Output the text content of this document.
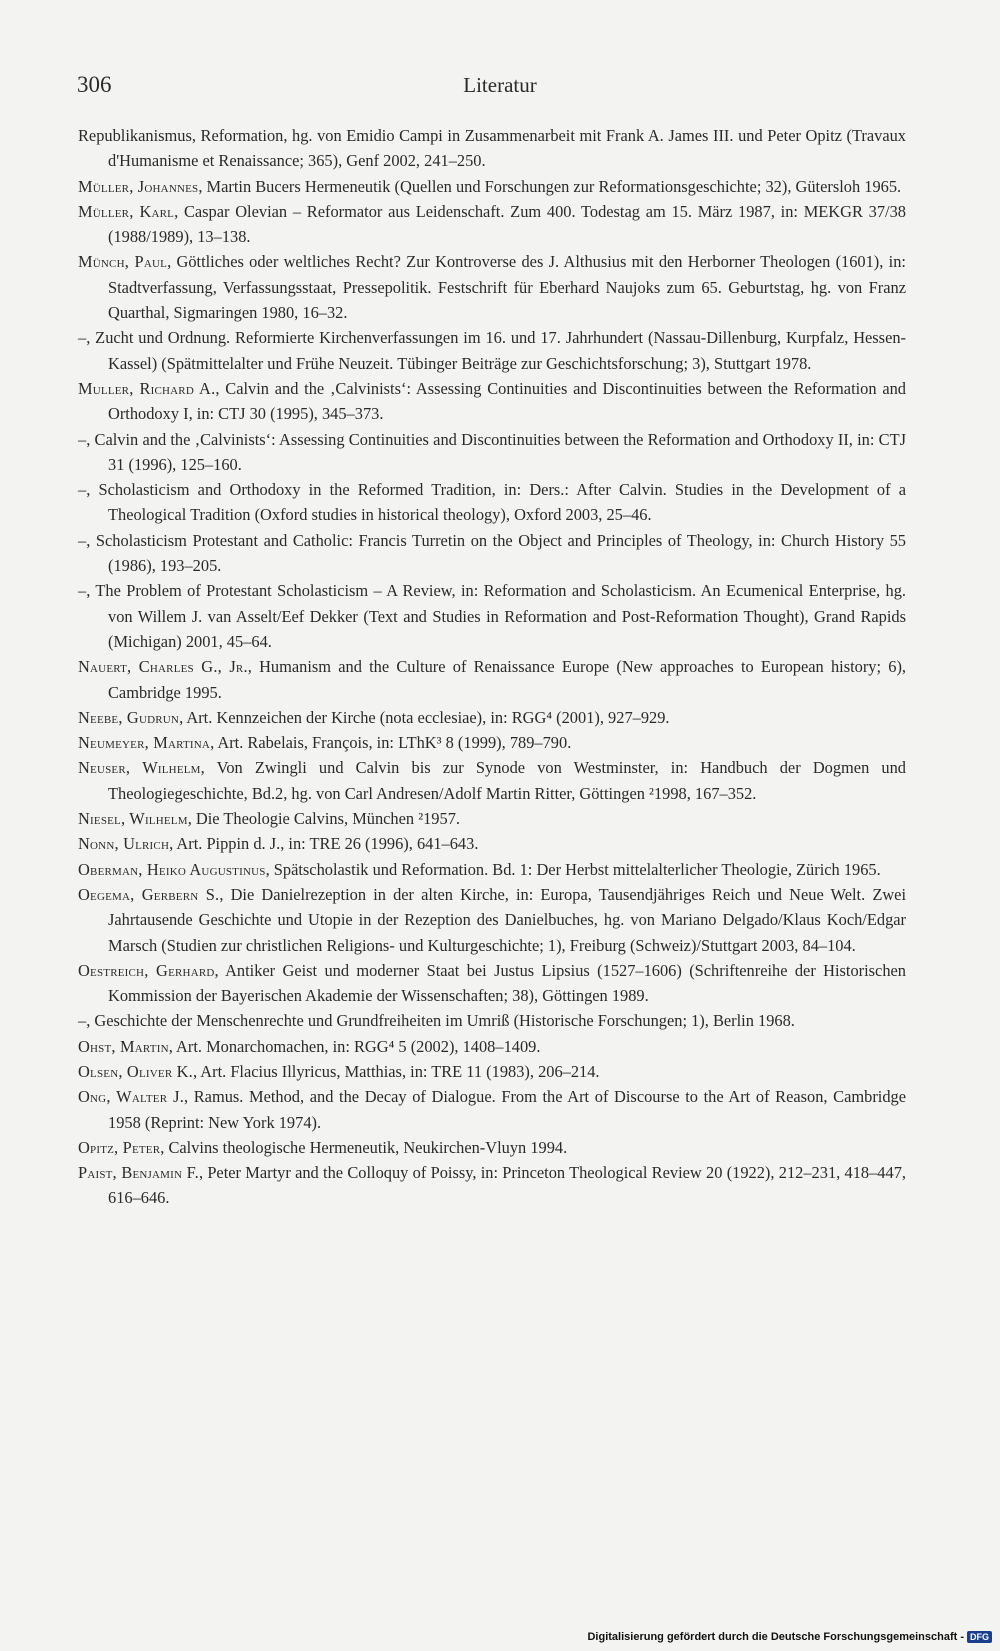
306	Literatur

Republikanismus, Reformation, hg. von Emidio Campi in Zusammenarbeit mit Frank A. James III. und Peter Opitz (Travaux d'Humanisme et Renaissance; 365), Genf 2002, 241–250.

Müller, Johannes, Martin Bucers Hermeneutik (Quellen und Forschungen zur Reformationsgeschichte; 32), Gütersloh 1965.

Müller, Karl, Caspar Olevian – Reformator aus Leidenschaft. Zum 400. Todestag am 15. März 1987, in: MEKGR 37/38 (1988/1989), 13–138.

Münch, Paul, Göttliches oder weltliches Recht? Zur Kontroverse des J. Althusius mit den Herborner Theologen (1601), in: Stadtverfassung, Verfassungsstaat, Pressepolitik. Festschrift für Eberhard Naujoks zum 65. Geburtstag, hg. von Franz Quarthal, Sigmaringen 1980, 16–32.

–, Zucht und Ordnung. Reformierte Kirchenverfassungen im 16. und 17. Jahrhundert (Nassau-Dillenburg, Kurpfalz, Hessen-Kassel) (Spätmittelalter und Frühe Neuzeit. Tübinger Beiträge zur Geschichtsforschung; 3), Stuttgart 1978.

Muller, Richard A., Calvin and the ‚Calvinists‘: Assessing Continuities and Discontinuities between the Reformation and Orthodoxy I, in: CTJ 30 (1995), 345–373.

–, Calvin and the ‚Calvinists‘: Assessing Continuities and Discontinuities between the Reformation and Orthodoxy II, in: CTJ 31 (1996), 125–160.

–, Scholasticism and Orthodoxy in the Reformed Tradition, in: Ders.: After Calvin. Studies in the Development of a Theological Tradition (Oxford studies in historical theology), Oxford 2003, 25–46.

–, Scholasticism Protestant and Catholic: Francis Turretin on the Object and Principles of Theology, in: Church History 55 (1986), 193–205.

–, The Problem of Protestant Scholasticism – A Review, in: Reformation and Scholasticism. An Ecumenical Enterprise, hg. von Willem J. van Asselt/Eef Dekker (Text and Studies in Reformation and Post-Reformation Thought), Grand Rapids (Michigan) 2001, 45–64.

Nauert, Charles G., Jr., Humanism and the Culture of Renaissance Europe (New approaches to European history; 6), Cambridge 1995.

Neebe, Gudrun, Art. Kennzeichen der Kirche (nota ecclesiae), in: RGG⁴ (2001), 927–929.

Neumeyer, Martina, Art. Rabelais, François, in: LThK³ 8 (1999), 789–790.

Neuser, Wilhelm, Von Zwingli und Calvin bis zur Synode von Westminster, in: Handbuch der Dogmen und Theologiegeschichte, Bd.2, hg. von Carl Andresen/Adolf Martin Ritter, Göttingen ²1998, 167–352.

Niesel, Wilhelm, Die Theologie Calvins, München ²1957.

Nonn, Ulrich, Art. Pippin d. J., in: TRE 26 (1996), 641–643.

Oberman, Heiko Augustinus, Spätscholastik und Reformation. Bd. 1: Der Herbst mittelalterlicher Theologie, Zürich 1965.

Oegema, Gerbern S., Die Danielrezeption in der alten Kirche, in: Europa, Tausendjähriges Reich und Neue Welt. Zwei Jahrtausende Geschichte und Utopie in der Rezeption des Danielbuches, hg. von Mariano Delgado/Klaus Koch/Edgar Marsch (Studien zur christlichen Religions- und Kulturgeschichte; 1), Freiburg (Schweiz)/Stuttgart 2003, 84–104.

Oestreich, Gerhard, Antiker Geist und moderner Staat bei Justus Lipsius (1527–1606) (Schriftenreihe der Historischen Kommission der Bayerischen Akademie der Wissenschaften; 38), Göttingen 1989.

–, Geschichte der Menschenrechte und Grundfreiheiten im Umriß (Historische Forschungen; 1), Berlin 1968.

Ohst, Martin, Art. Monarchomachen, in: RGG⁴ 5 (2002), 1408–1409.

Olsen, Oliver K., Art. Flacius Illyricus, Matthias, in: TRE 11 (1983), 206–214.

Ong, Walter J., Ramus. Method, and the Decay of Dialogue. From the Art of Discourse to the Art of Reason, Cambridge 1958 (Reprint: New York 1974).

Opitz, Peter, Calvins theologische Hermeneutik, Neukirchen-Vluyn 1994.

Paist, Benjamin F., Peter Martyr and the Colloquy of Poissy, in: Princeton Theological Review 20 (1922), 212–231, 418–447, 616–646.

Digitalisierung gefördert durch die Deutsche Forschungsgemeinschaft - DFG
